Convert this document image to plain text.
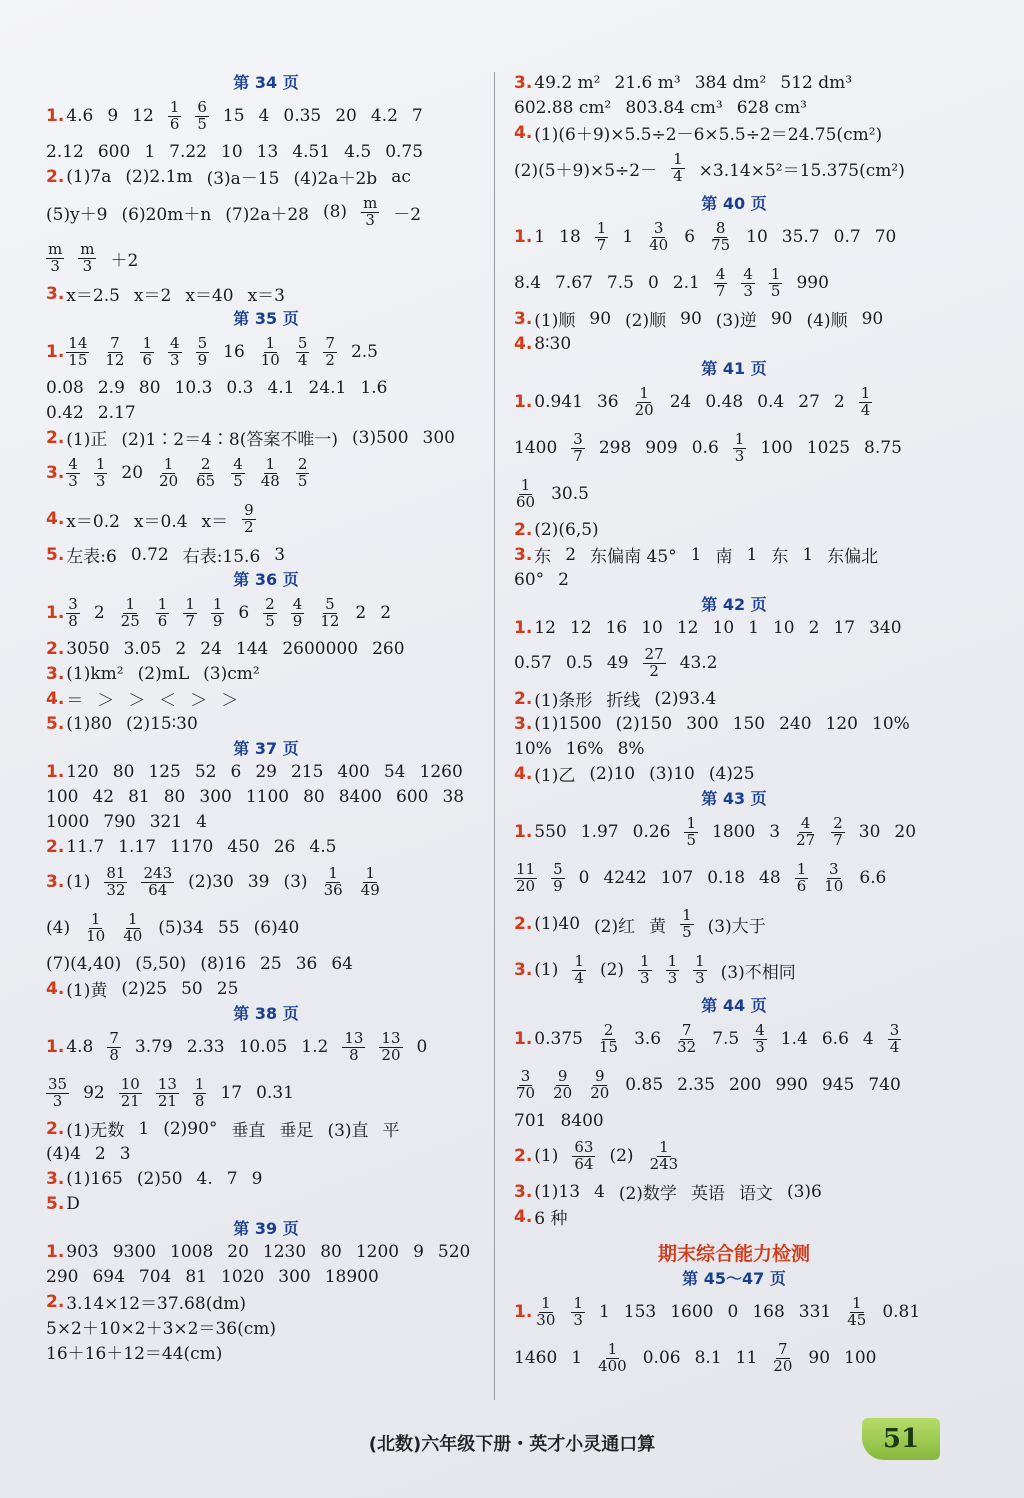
第 34 页
1. 4.6 9 $12 \frac{1}{6} \frac{6}{5} 15$ 4 0.35 20 4.2 7
2.12 600 1 7.22 10 13 4.51 4.5 0.75
2. (1)7a (2)2.1m (3)a－15 (4)2a＋2b ac
(5)y＋9 (6)20m＋n (7)2a＋28 $(8) \frac{m}{3} -2$
$\frac{m}{3} \frac{m}{3} +2$
3. x＝2.5 x＝2 x＝40 x＝3
第 35 页
1. $\frac{14}{15} \frac{7}{12} \frac{1}{6} \frac{4}{3} \frac{5}{9} 16 \frac{1}{10} \frac{5}{4} \frac{7}{2} 2.5$
0.08 2.9 80 10.3 0.3 4.1 24.1 1.6
0.42 2.17
2. (1)正 (2)1∶2＝4∶8(答案不唯一) (3)500 300
3. $\frac{4}{3} \frac{1}{3} 20 \frac{1}{20} \frac{2}{65} \frac{4}{5} \frac{1}{48} \frac{2}{5}$
4. x＝0.2 x＝0.4 $x= \frac{9}{2}$
5. 左表:6 0.72 右表:15.6 3
第 36 页
1. $\frac{3}{8} 2 \frac{1}{25} \frac{1}{6} \frac{1}{7} \frac{1}{9} 6 \frac{2}{5} \frac{4}{9} \frac{5}{12} 2$ 2
2. 3050 3.05 2 24 144 2600000 260
3. (1)km² (2)mL (3)cm²
4. ＝ ＞ ＞ ＜ ＞ ＞
5. (1)80 (2)15∶30
第 37 页
1. 120 80 125 52 6 29 215 400 54 1260
100 42 81 80 300 1100 80 8400 600 38
1000 790 321 4
2. 11.7 1.17 1170 450 26 4.5
3. $(1) \frac{81}{32} \frac{243}{64} (2)30$ 39 $(3) \frac{1}{36} \frac{1}{49}$
$(4) \frac{1}{10} \frac{1}{40} (5)34$ 55 (6)40
(7)(4,40) (5,50) (8)16 25 36 64
4. (1)黄 (2)25 50 25
第 38 页
1. $4.8 \frac{7}{8} 3.79$ 2.33 10.05 $1.2 \frac{13}{8} \frac{13}{20} 0$
$\frac{35}{3} 92 \frac{10}{21} \frac{13}{21} \frac{1}{8} 17$ 0.31
2. (1)无数 1 (2)90° 垂直 垂足 (3)直 平
(4)4 2 3
3. (1)165 (2)50 4. 7 9
5. D
第 39 页
1. 903 9300 1008 20 1230 80 1200 9 520
290 694 704 81 1020 300 18900
2. 3.14×12＝37.68(dm)
5×2＋10×2＋3×2＝36(cm)
16＋16＋12＝44(cm)
3. 49.2 m² 21.6 m³ 384 dm² 512 dm³
602.88 cm² 803.84 cm³ 628 cm³
4. (1)(6＋9)×5.5÷2－6×5.5÷2＝24.75(cm²)
$(2)(5+9)\times 5\div 2- \frac{1}{4} \times 3.14\times 5^2=15.375(cm^2)$
第 40 页
1. 1 $18 \frac{1}{7} 1 \frac{3}{40} 6 \frac{8}{75} 10$ 35.7 0.7 70
8.4 7.67 7.5 0 $2.1 \frac{4}{7} \frac{4}{3} \frac{1}{5} 990$
3. (1)顺 90 (2)顺 90 (3)逆 90 (4)顺 90
4. 8∶30
第 41 页
1. 0.941 $36 \frac{1}{20} 24$ 0.48 0.4 27 $2 \frac{1}{4}$
$1400 \frac{3}{7} 298$ 909 $0.6 \frac{1}{3} 100$ 1025 8.75
$\frac{1}{60} 30.5$
2. (2)(6,5)
3. 东 2 东偏南 45° 1 南 1 东 1 东偏北
60° 2
第 42 页
1. 12 12 16 10 12 10 1 10 2 17 340
0.57 0.5 $49 \frac{27}{2} 43.2$
2. (1)条形 折线 (2)93.4
3. (1)1500 (2)150 300 150 240 120 10%
10% 16% 8%
4. (1)乙 (2)10 (3)10 (4)25
第 43 页
1. 550 1.97 $0.26 \frac{1}{5} 1800$ $3 \frac{4}{27} \frac{2}{7} 30$ 20
$\frac{11}{20} \frac{5}{9} 0$ 4242 107 0.18 $48 \frac{1}{6} \frac{3}{10} 6.6$
2. (1)40 (2)红 黄 $\frac{1}{5} (3)$大于
3. $(1) \frac{1}{4} (2) \frac{1}{3} \frac{1}{3} \frac{1}{3} (3)$不相同
第 44 页
1. $0.375 \frac{2}{15} 3.6 \frac{7}{32} 7.5 \frac{4}{3} 1.4$ 6.6 $4 \frac{3}{4}$
$\frac{3}{70} \frac{9}{20} \frac{9}{20} 0.85$ 2.35 200 990 945 740
701 8400
2. $(1) \frac{63}{64} (2) \frac{1}{243}$
3. (1)13 4 (2)数学 英语 语文 (3)6
4. 6 种
期末综合能力检测
第 45～47 页
1. $\frac{1}{30} \frac{1}{3} 1$ 153 1600 0 168 $331 \frac{1}{45} 0.81$
1460 $1 \frac{1}{400} 0.06$ 8.1 $11 \frac{7}{20} 90$ 100
(北数)六年级下册・英才小灵通口算	51
